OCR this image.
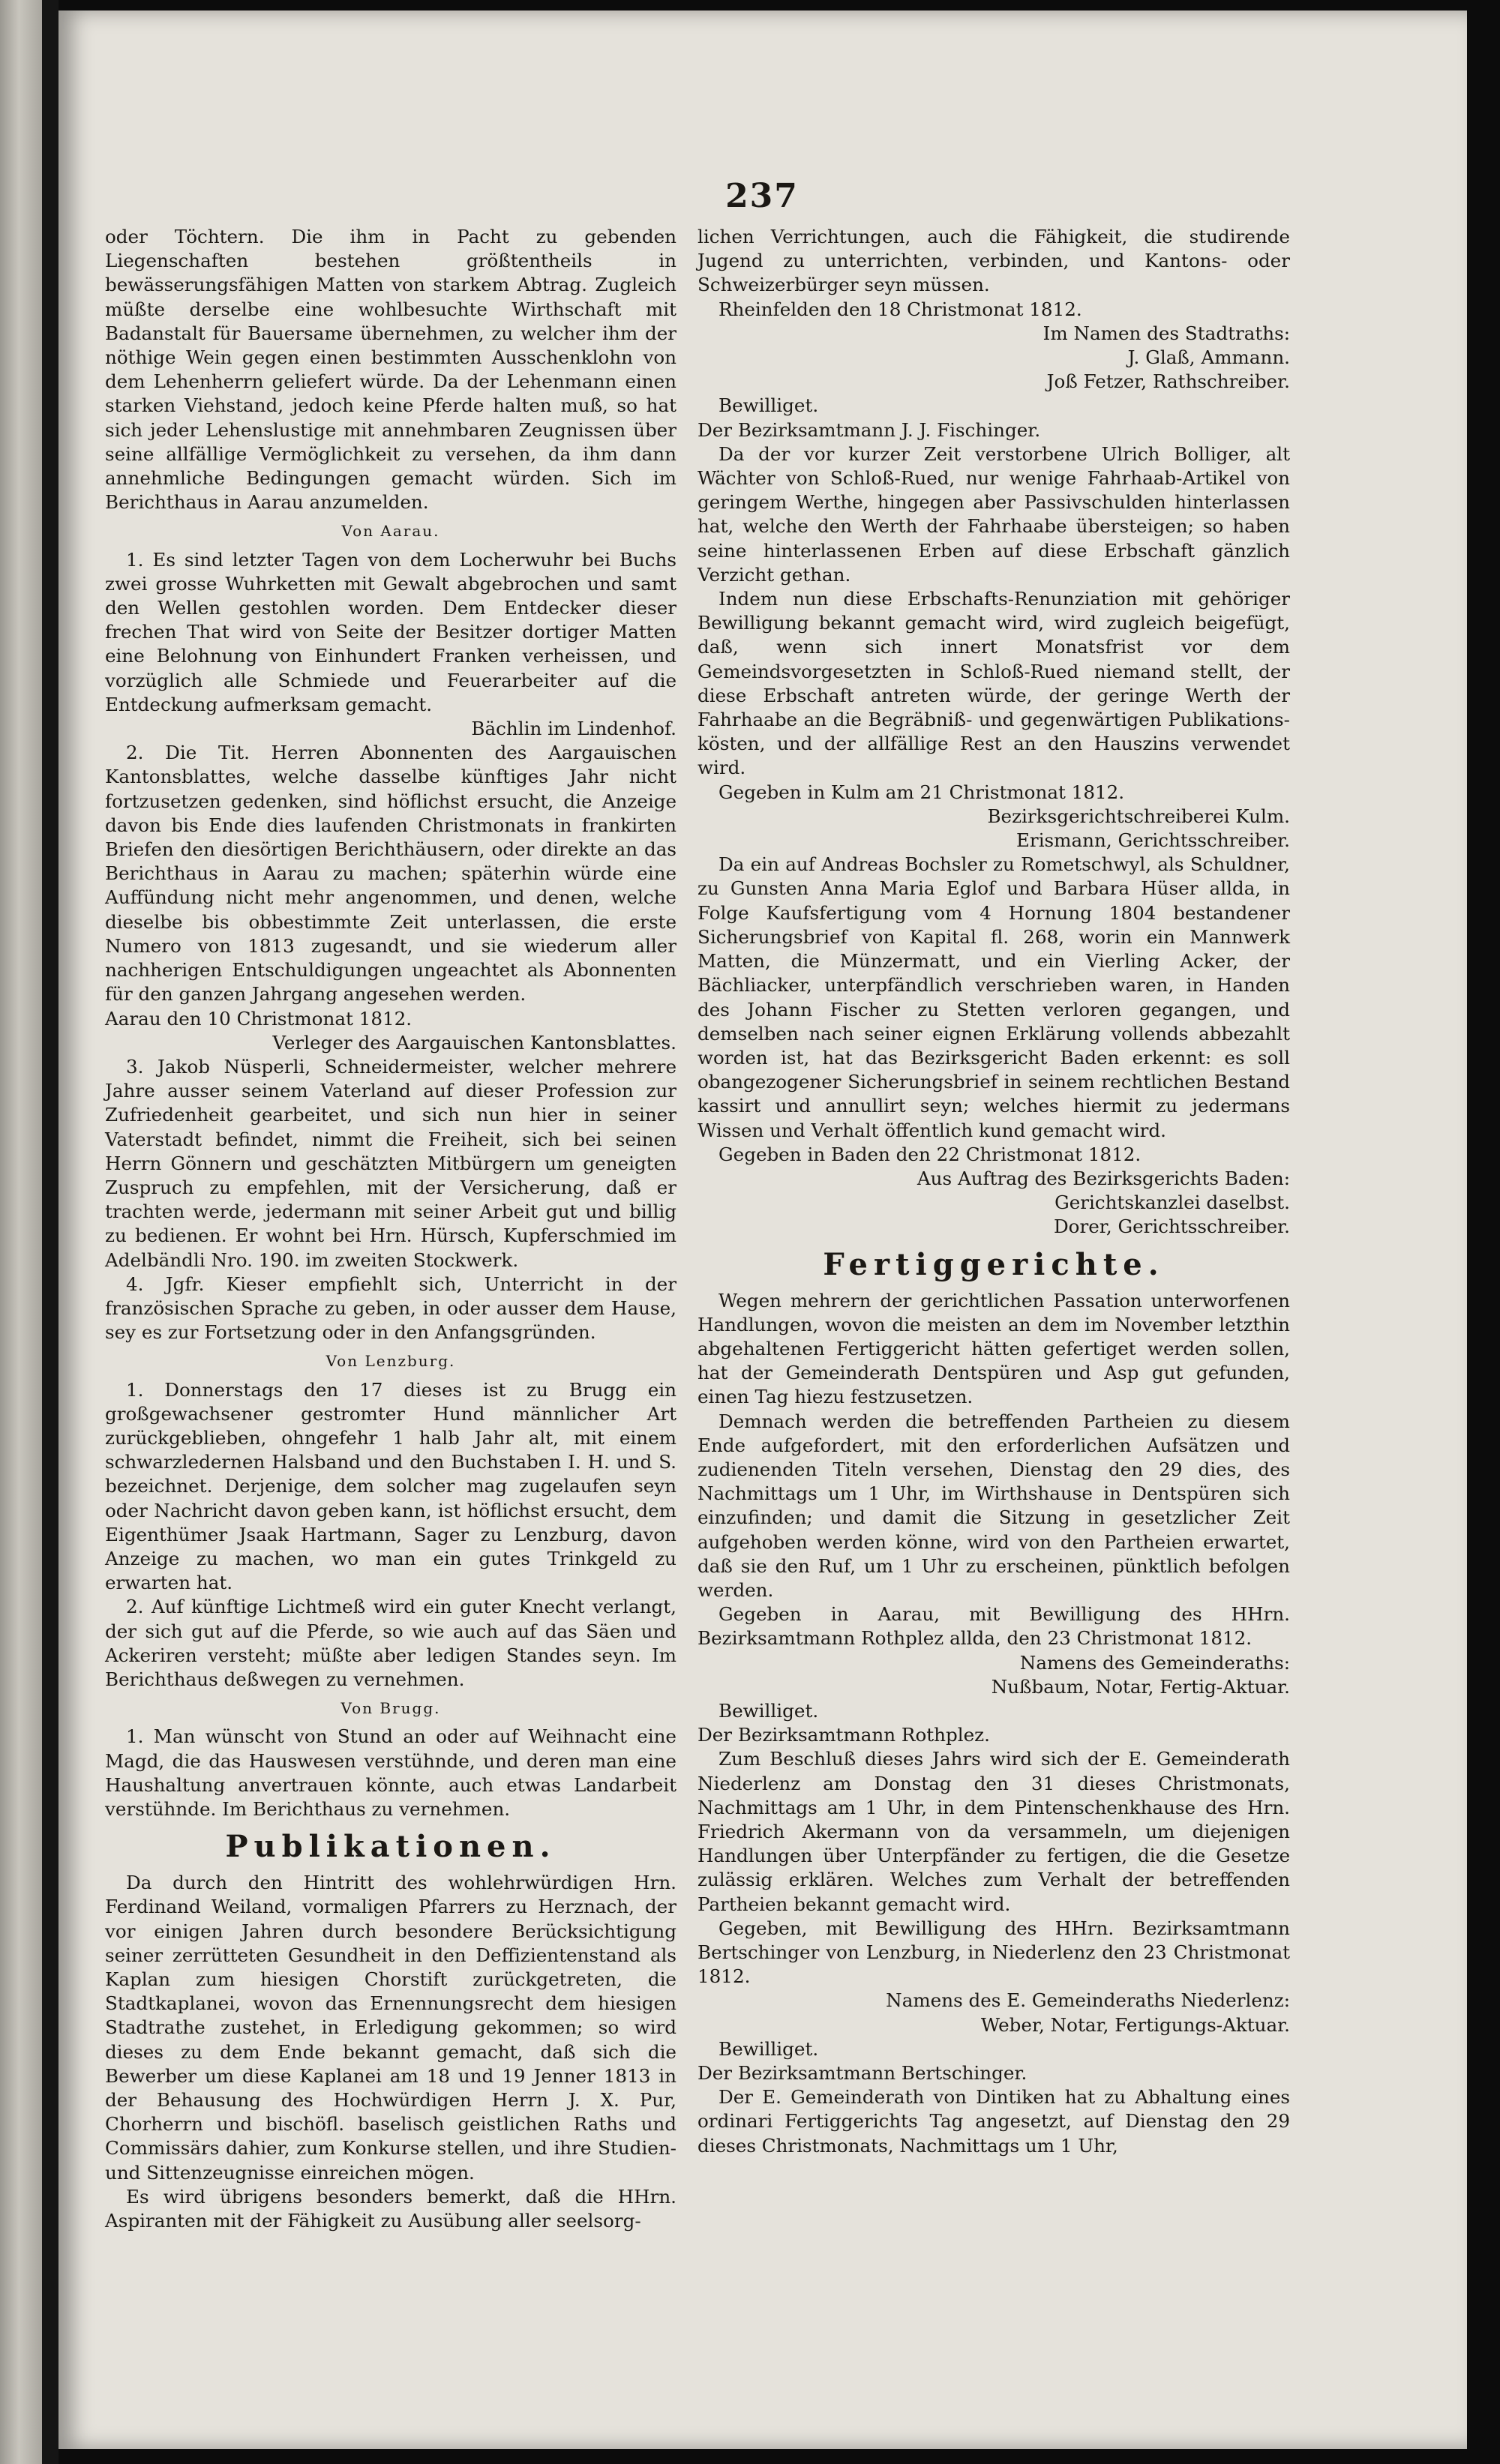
237

oder Töchtern. Die ihm in Pacht zu gebenden Liegenschaften bestehen größtentheils in bewässerungsfähigen Matten von starkem Abtrag. Zugleich müßte derselbe eine wohlbesuchte Wirthschaft mit Badanstalt für Bauersame übernehmen, zu welcher ihm der nöthige Wein gegen einen bestimmten Ausschenklohn von dem Lehenherrn geliefert würde. Da der Lehenmann einen starken Viehstand, jedoch keine Pferde halten muß, so hat sich jeder Lehenslustige mit annehmbaren Zeugnissen über seine allfällige Vermöglichkeit zu versehen, da ihm dann annehmliche Bedingungen gemacht würden. Sich im Berichthaus in Aarau anzumelden.

Von Aarau.

1. Es sind letzter Tagen von dem Locherwuhr bei Buchs zwei grosse Wuhrketten mit Gewalt abgebrochen und samt den Wellen gestohlen worden. Dem Entdecker dieser frechen That wird von Seite der Besitzer dortiger Matten eine Belohnung von Einhundert Franken verheissen, und vorzüglich alle Schmiede und Feuerarbeiter auf die Entdeckung aufmerksam gemacht.

Bächlin im Lindenhof.

2. Die Tit. Herren Abonnenten des Aargauischen Kantonsblattes, welche dasselbe künftiges Jahr nicht fortzusetzen gedenken, sind höflichst ersucht, die Anzeige davon bis Ende dies laufenden Christmonats in frankirten Briefen den diesörtigen Berichthäusern, oder direkte an das Berichthaus in Aarau zu machen; späterhin würde eine Auffündung nicht mehr angenommen, und denen, welche dieselbe bis obbestimmte Zeit unterlassen, die erste Numero von 1813 zugesandt, und sie wiederum aller nachherigen Entschuldigungen ungeachtet als Abonnenten für den ganzen Jahrgang angesehen werden.

Aarau den 10 Christmonat 1812.

Verleger des Aargauischen Kantonsblattes.

3. Jakob Nüsperli, Schneidermeister, welcher mehrere Jahre ausser seinem Vaterland auf dieser Profession zur Zufriedenheit gearbeitet, und sich nun hier in seiner Vaterstadt befindet, nimmt die Freiheit, sich bei seinen Herrn Gönnern und geschätzten Mitbürgern um geneigten Zuspruch zu empfehlen, mit der Versicherung, daß er trachten werde, jedermann mit seiner Arbeit gut und billig zu bedienen. Er wohnt bei Hrn. Hürsch, Kupferschmied im Adelbändli Nro. 190. im zweiten Stockwerk.

4. Jgfr. Kieser empfiehlt sich, Unterricht in der französischen Sprache zu geben, in oder ausser dem Hause, sey es zur Fortsetzung oder in den Anfangsgründen.

Von Lenzburg.

1. Donnerstags den 17 dieses ist zu Brugg ein großgewachsener gestromter Hund männlicher Art zurückgeblieben, ohngefehr 1 halb Jahr alt, mit einem schwarzledernen Halsband und den Buchstaben I. H. und S. bezeichnet. Derjenige, dem solcher mag zugelaufen seyn oder Nachricht davon geben kann, ist höflichst ersucht, dem Eigenthümer Jsaak Hartmann, Sager zu Lenzburg, davon Anzeige zu machen, wo man ein gutes Trinkgeld zu erwarten hat.

2. Auf künftige Lichtmeß wird ein guter Knecht verlangt, der sich gut auf die Pferde, so wie auch auf das Säen und Ackeriren versteht; müßte aber ledigen Standes seyn. Im Berichthaus deßwegen zu vernehmen.

Von Brugg.

1. Man wünscht von Stund an oder auf Weihnacht eine Magd, die das Hauswesen verstühnde, und deren man eine Haushaltung anvertrauen könnte, auch etwas Landarbeit verstühnde. Im Berichthaus zu vernehmen.

Publikationen.

Da durch den Hintritt des wohlehrwürdigen Hrn. Ferdinand Weiland, vormaligen Pfarrers zu Herznach, der vor einigen Jahren durch besondere Berücksichtigung seiner zerrütteten Gesundheit in den Deffizientenstand als Kaplan zum hiesigen Chorstift zurückgetreten, die Stadtkaplanei, wovon das Ernennungsrecht dem hiesigen Stadtrathe zustehet, in Erledigung gekommen; so wird dieses zu dem Ende bekannt gemacht, daß sich die Bewerber um diese Kaplanei am 18 und 19 Jenner 1813 in der Behausung des Hochwürdigen Herrn J. X. Pur, Chorherrn und bischöfl. baselisch geistlichen Raths und Commissärs dahier, zum Konkurse stellen, und ihre Studien- und Sittenzeugnisse einreichen mögen.

Es wird übrigens besonders bemerkt, daß die HHrn. Aspiranten mit der Fähigkeit zu Ausübung aller seelsorg-

lichen Verrichtungen, auch die Fähigkeit, die studirende Jugend zu unterrichten, verbinden, und Kantons- oder Schweizerbürger seyn müssen.

Rheinfelden den 18 Christmonat 1812.

Im Namen des Stadtraths:

J. Glaß, Ammann.

Joß Fetzer, Rathschreiber.

Bewilliget.

Der Bezirksamtmann J. J. Fischinger.

Da der vor kurzer Zeit verstorbene Ulrich Bolliger, alt Wächter von Schloß-Rued, nur wenige Fahrhaab-Artikel von geringem Werthe, hingegen aber Passivschulden hinterlassen hat, welche den Werth der Fahrhaabe übersteigen; so haben seine hinterlassenen Erben auf diese Erbschaft gänzlich Verzicht gethan.

Indem nun diese Erbschafts-Renunziation mit gehöriger Bewilligung bekannt gemacht wird, wird zugleich beigefügt, daß, wenn sich innert Monatsfrist vor dem Gemeindsvorgesetzten in Schloß-Rued niemand stellt, der diese Erbschaft antreten würde, der geringe Werth der Fahrhaabe an die Begräbniß- und gegenwärtigen Publikations-kösten, und der allfällige Rest an den Hauszins verwendet wird.

Gegeben in Kulm am 21 Christmonat 1812.

Bezirksgerichtschreiberei Kulm.

Erismann, Gerichtsschreiber.

Da ein auf Andreas Bochsler zu Rometschwyl, als Schuldner, zu Gunsten Anna Maria Eglof und Barbara Hüser allda, in Folge Kaufsfertigung vom 4 Hornung 1804 bestandener Sicherungsbrief von Kapital fl. 268, worin ein Mannwerk Matten, die Münzermatt, und ein Vierling Acker, der Bächliacker, unterpfändlich verschrieben waren, in Handen des Johann Fischer zu Stetten verloren gegangen, und demselben nach seiner eignen Erklärung vollends abbezahlt worden ist, hat das Bezirksgericht Baden erkennt: es soll obangezogener Sicherungsbrief in seinem rechtlichen Bestand kassirt und annullirt seyn; welches hiermit zu jedermans Wissen und Verhalt öffentlich kund gemacht wird.

Gegeben in Baden den 22 Christmonat 1812.

Aus Auftrag des Bezirksgerichts Baden:

Gerichtskanzlei daselbst.

Dorer, Gerichtsschreiber.

Fertiggerichte.

Wegen mehrern der gerichtlichen Passation unterworfenen Handlungen, wovon die meisten an dem im November letzthin abgehaltenen Fertiggericht hätten gefertiget werden sollen, hat der Gemeinderath Dentspüren und Asp gut gefunden, einen Tag hiezu festzusetzen.

Demnach werden die betreffenden Partheien zu diesem Ende aufgefordert, mit den erforderlichen Aufsätzen und zudienenden Titeln versehen, Dienstag den 29 dies, des Nachmittags um 1 Uhr, im Wirthshause in Dentspüren sich einzufinden; und damit die Sitzung in gesetzlicher Zeit aufgehoben werden könne, wird von den Partheien erwartet, daß sie den Ruf, um 1 Uhr zu erscheinen, pünktlich befolgen werden.

Gegeben in Aarau, mit Bewilligung des HHrn. Bezirksamtmann Rothplez allda, den 23 Christmonat 1812.

Namens des Gemeinderaths:

Nußbaum, Notar, Fertig-Aktuar.

Bewilliget.

Der Bezirksamtmann Rothplez.

Zum Beschluß dieses Jahrs wird sich der E. Gemeinderath Niederlenz am Donstag den 31 dieses Christmonats, Nachmittags am 1 Uhr, in dem Pintenschenkhause des Hrn. Friedrich Akermann von da versammeln, um diejenigen Handlungen über Unterpfänder zu fertigen, die die Gesetze zulässig erklären. Welches zum Verhalt der betreffenden Partheien bekannt gemacht wird.

Gegeben, mit Bewilligung des HHrn. Bezirksamtmann Bertschinger von Lenzburg, in Niederlenz den 23 Christmonat 1812.

Namens des E. Gemeinderaths Niederlenz:

Weber, Notar, Fertigungs-Aktuar.

Bewilliget.

Der Bezirksamtmann Bertschinger.

Der E. Gemeinderath von Dintiken hat zu Abhaltung eines ordinari Fertiggerichts Tag angesetzt, auf Dienstag den 29 dieses Christmonats, Nachmittags um 1 Uhr,
